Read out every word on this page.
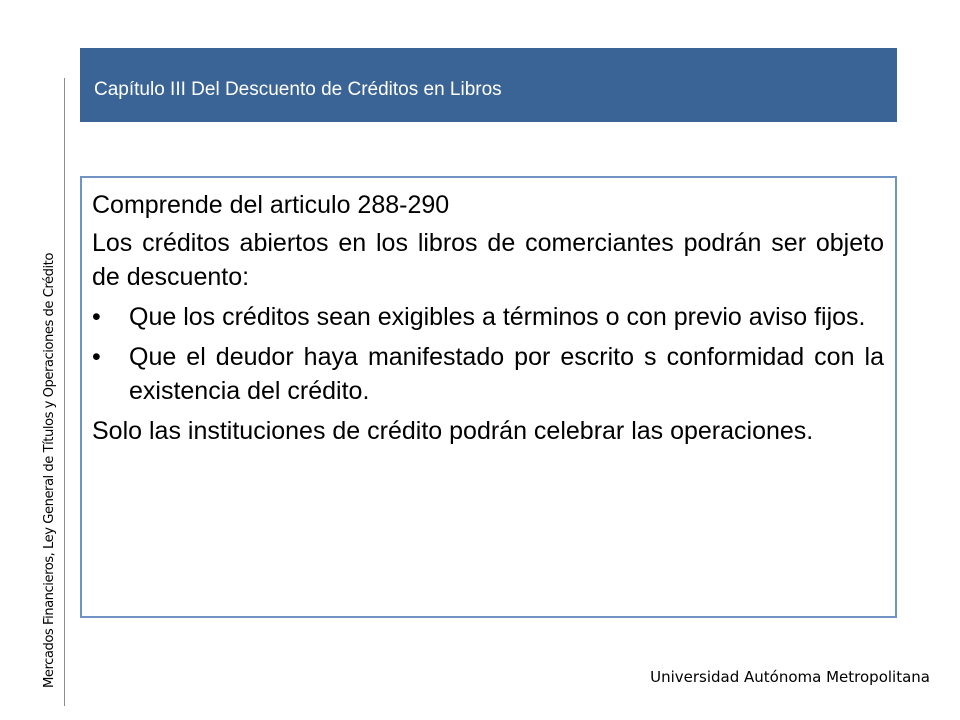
Mercados Financieros, Ley General de Títulos y Operaciones de Crédito
Capítulo III Del Descuento de Créditos en Libros
Comprende del articulo 288-290
Los créditos abiertos en los libros de comerciantes podrán ser objeto de descuento:
•	Que los créditos sean exigibles a términos o con previo aviso fijos.
•	Que el deudor haya manifestado por escrito s conformidad con la existencia del crédito.
Solo las instituciones de crédito podrán celebrar las operaciones.
Universidad Autónoma Metropolitana
